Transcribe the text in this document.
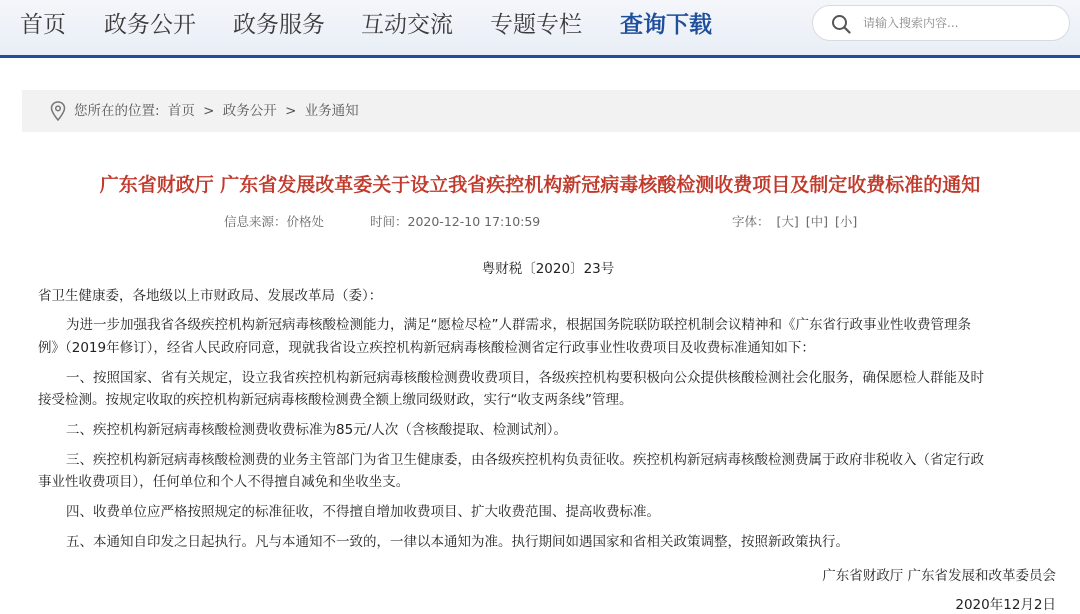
首页 政务公开 政务服务 互动交流 专题专栏 查询下载
请输入搜索内容...
您所在的位置: 首页 > 政务公开 > 业务通知
广东省财政厅 广东省发展改革委关于设立我省疾控机构新冠病毒核酸检测收费项目及制定收费标准的通知
信息来源：价格处	时间：2020-12-10 17:10:59	字体： [大] [中] [小]
粤财税〔2020〕23号
省卫生健康委，各地级以上市财政局、发展改革局（委）：
为进一步加强我省各级疾控机构新冠病毒核酸检测能力，满足“愿检尽检”人群需求，根据国务院联防联控机制会议精神和《广东省行政事业性收费管理条
例》（2019年修订），经省人民政府同意，现就我省设立疾控机构新冠病毒核酸检测省定行政事业性收费项目及收费标准通知如下：
一、按照国家、省有关规定，设立我省疾控机构新冠病毒核酸检测费收费项目，各级疾控机构要积极向公众提供核酸检测社会化服务，确保愿检人群能及时
接受检测。按规定收取的疾控机构新冠病毒核酸检测费全额上缴同级财政，实行“收支两条线”管理。
二、疾控机构新冠病毒核酸检测费收费标准为85元/人次（含核酸提取、检测试剂）。
三、疾控机构新冠病毒核酸检测费的业务主管部门为省卫生健康委，由各级疾控机构负责征收。疾控机构新冠病毒核酸检测费属于政府非税收入（省定行政
事业性收费项目），任何单位和个人不得擅自减免和坐收坐支。
四、收费单位应严格按照规定的标准征收，不得擅自增加收费项目、扩大收费范围、提高收费标准。
五、本通知自印发之日起执行。凡与本通知不一致的，一律以本通知为准。执行期间如遇国家和省相关政策调整，按照新政策执行。
广东省财政厅 广东省发展和改革委员会
2020年12月2日
